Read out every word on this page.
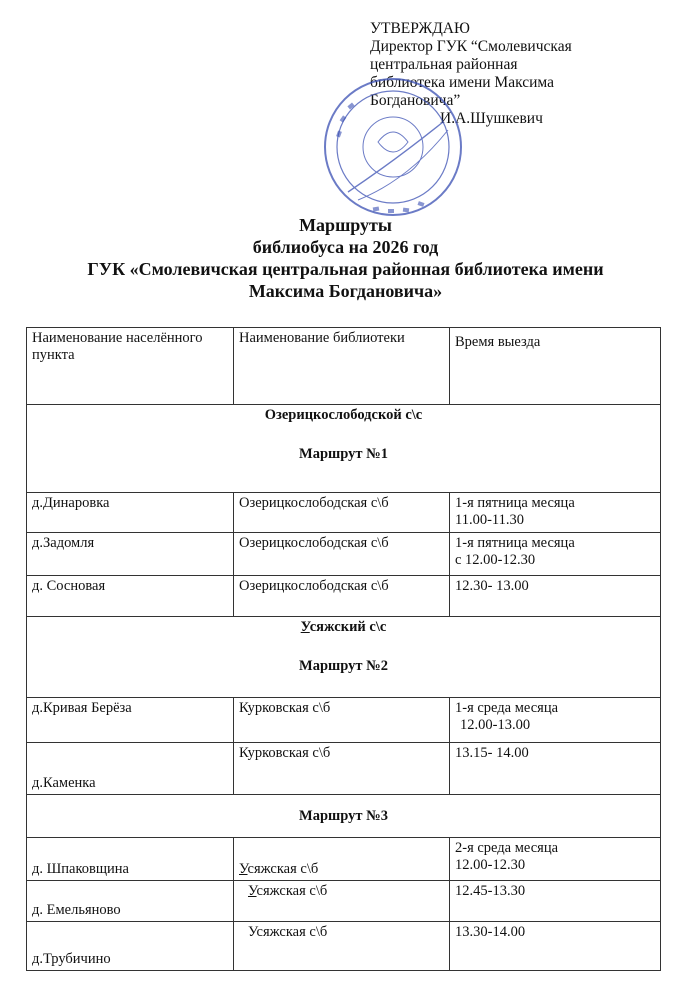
УТВЕРЖДАЮ
Директор ГУК “Смолевичская
центральная районная
библиотека имени Максима
Богдановича”
И.А.Шушкевич
Маршруты
библиобуса на 2026 год
ГУК «Смолевичская центральная районная библиотека имени
Максима Богдановича»
Наименование населённого пункта	Наименование библиотеки	Время выезда

Озерицкослободской с\с
Маршрут №1		
д.Динаровка	Озерицкослободская с\б	1-я пятница месяца
11.00-11.30

д.Задомля	Озерицкослободская с\б	1-я пятница месяца
с 12.00-12.30

д. Сосновая	Озерицкослободская с\б	12.30- 13.00

Усяжский с\с
Маршрут №2		
д.Кривая Берёза	Курковская с\б	1-я среда месяца
12.00-13.00

д.Каменка	Курковская с\б	13.15- 14.00
Маршрут №3		
д. Шпаковщина	Усяжская с\б	2-я среда месяца
12.00-12.30

д. Емельяново	Усяжская с\б	12.45-13.30
д.Трубичино	Усяжская с\б	13.30-14.00
